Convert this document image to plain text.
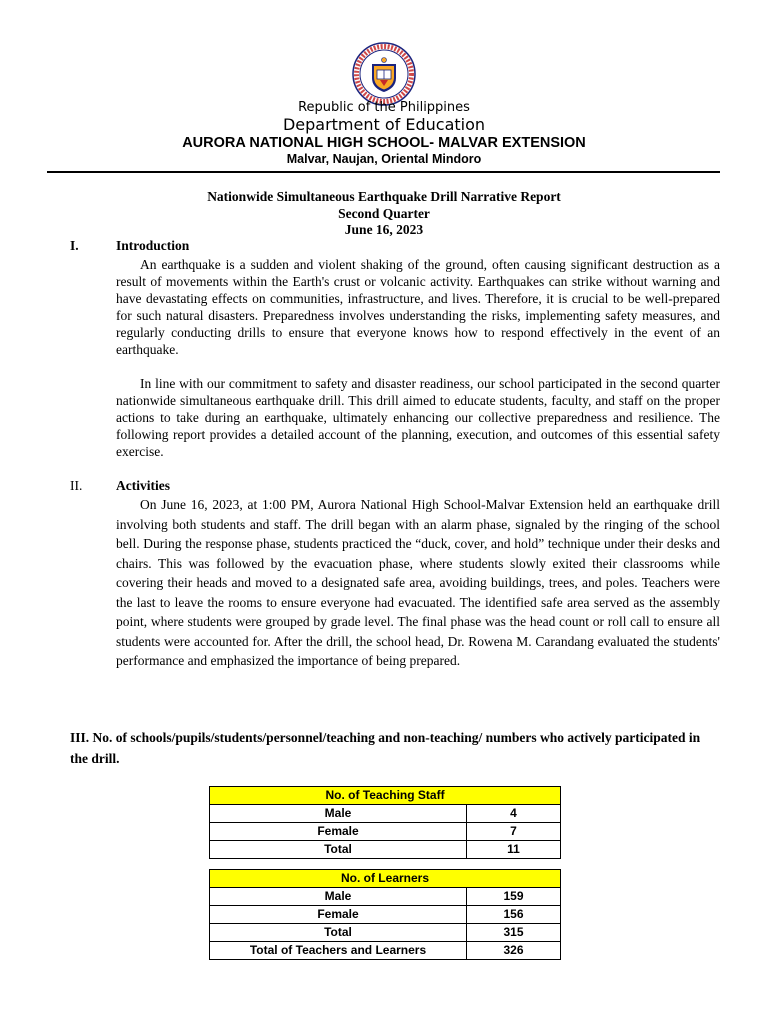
Republic of the Philippines
Department of Education
AURORA NATIONAL HIGH SCHOOL- MALVAR EXTENSION
Malvar, Naujan, Oriental Mindoro
Nationwide Simultaneous Earthquake Drill Narrative Report
Second Quarter
June 16, 2023
I.	Introduction

An earthquake is a sudden and violent shaking of the ground, often causing significant destruction as a result of movements within the Earth's crust or volcanic activity. Earthquakes can strike without warning and have devastating effects on communities, infrastructure, and lives. Therefore, it is crucial to be well-prepared for such natural disasters. Preparedness involves understanding the risks, implementing safety measures, and regularly conducting drills to ensure that everyone knows how to respond effectively in the event of an earthquake.

In line with our commitment to safety and disaster readiness, our school participated in the second quarter nationwide simultaneous earthquake drill. This drill aimed to educate students, faculty, and staff on the proper actions to take during an earthquake, ultimately enhancing our collective preparedness and resilience. The following report provides a detailed account of the planning, execution, and outcomes of this essential safety exercise.

II. Activities

On June 16, 2023, at 1:00 PM, Aurora National High School-Malvar Extension held an earthquake drill involving both students and staff. The drill began with an alarm phase, signaled by the ringing of the school bell. During the response phase, students practiced the “duck, cover, and hold” technique under their desks and chairs. This was followed by the evacuation phase, where students slowly exited their classrooms while covering their heads and moved to a designated safe area, avoiding buildings, trees, and poles. Teachers were the last to leave the rooms to ensure everyone had evacuated. The identified safe area served as the assembly point, where students were grouped by grade level. The final phase was the head count or roll call to ensure all students were accounted for. After the drill, the school head, Dr. Rowena M. Carandang evaluated the students' performance and emphasized the importance of being prepared.

III. No. of schools/pupils/students/personnel/teaching and non-teaching/ numbers who actively participated in the drill.

No. of Teaching Staff	
Male	4
Female	7
Total	11
No. of Learners	
Male	159
Female	156
Total	315
Total of Teachers and Learners	326
